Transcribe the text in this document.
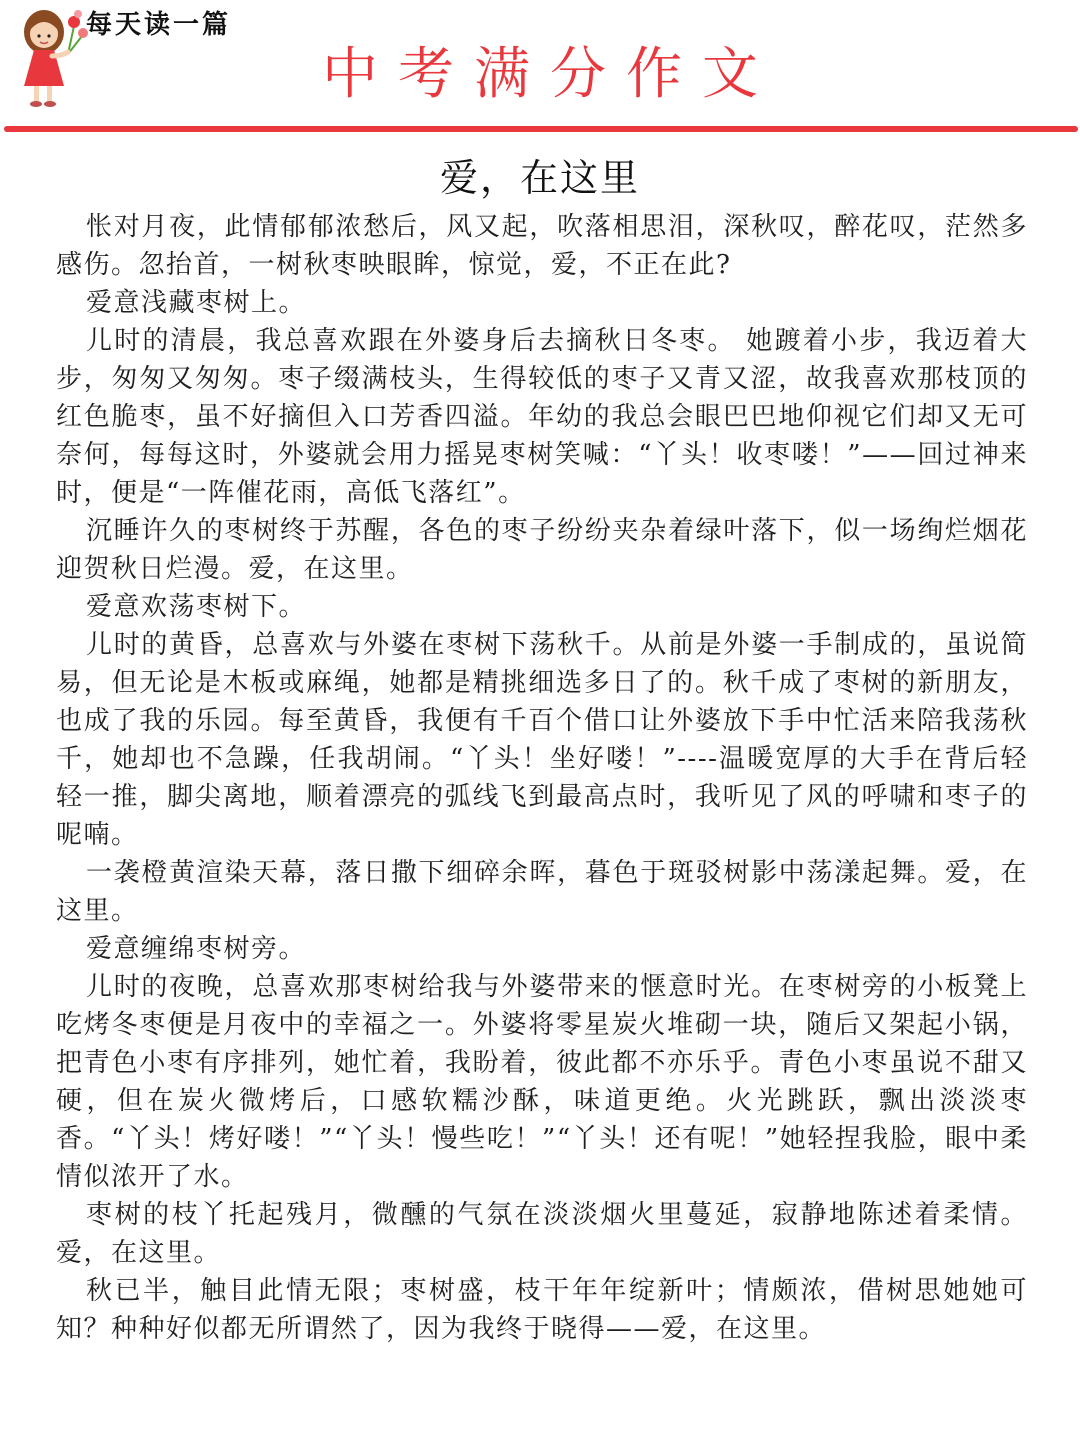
每天读一篇
中考满分作文
爱，在这里

怅对月夜，此情郁郁浓愁后，风又起，吹落相思泪，深秋叹，醉花叹，茫然多感伤。忽抬首，一树秋枣映眼眸，惊觉，爱，不正在此?

爱意浅藏枣树上。

儿时的清晨，我总喜欢跟在外婆身后去摘秋日冬枣。 她踱着小步，我迈着大步，匆匆又匆匆。枣子缀满枝头，生得较低的枣子又青又涩，故我喜欢那枝顶的红色脆枣，虽不好摘但入口芳香四溢。年幼的我总会眼巴巴地仰视它们却又无可奈何，每每这时，外婆就会用力摇晃枣树笑喊：“丫头！收枣喽！”——回过神来时，便是“一阵催花雨，高低飞落红”。

沉睡许久的枣树终于苏醒，各色的枣子纷纷夹杂着绿叶落下，似一场绚烂烟花迎贺秋日烂漫。爱，在这里。

爱意欢荡枣树下。

儿时的黄昏，总喜欢与外婆在枣树下荡秋千。从前是外婆一手制成的，虽说简易，但无论是木板或麻绳，她都是精挑细选多日了的。秋千成了枣树的新朋友，也成了我的乐园。每至黄昏，我便有千百个借口让外婆放下手中忙活来陪我荡秋千，她却也不急躁，任我胡闹。“丫头！坐好喽！”----温暖宽厚的大手在背后轻轻一推，脚尖离地，顺着漂亮的弧线飞到最高点时，我听见了风的呼啸和枣子的呢喃。

一袭橙黄渲染天幕，落日撒下细碎余晖，暮色于斑驳树影中荡漾起舞。爱，在这里。

爱意缠绵枣树旁。

儿时的夜晚，总喜欢那枣树给我与外婆带来的惬意时光。在枣树旁的小板凳上吃烤冬枣便是月夜中的幸福之一。外婆将零星炭火堆砌一块，随后又架起小锅，把青色小枣有序排列，她忙着，我盼着，彼此都不亦乐乎。青色小枣虽说不甜又硬，但在炭火微烤后，口感软糯沙酥，味道更绝。火光跳跃，飘出淡淡枣香。“丫头！烤好喽！”“丫头！慢些吃！”“丫头！还有呢！”她轻捏我脸，眼中柔情似浓开了水。

枣树的枝丫托起残月，微醺的气氛在淡淡烟火里蔓延，寂静地陈述着柔情。爱，在这里。

秋已半，触目此情无限；枣树盛，枝干年年绽新叶；情颇浓，借树思她她可知？种种好似都无所谓然了，因为我终于晓得——爱，在这里。
